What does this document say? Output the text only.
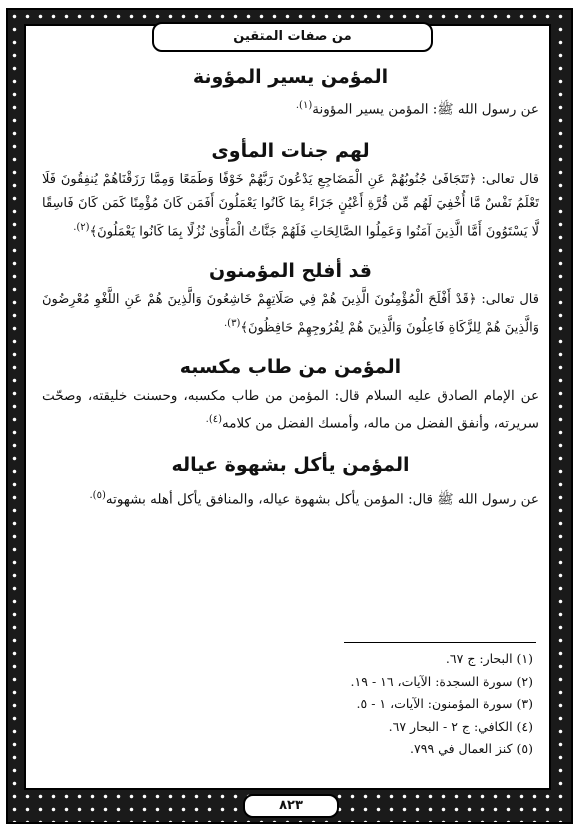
من صفات المتقين
المؤمن يسير المؤونة

عن رسول الله ﷺ: المؤمن يسير المؤونة$^{(١).}$

لهم جنات المأوى

قال تعالى: ﴿تَتَجَافَىٰ جُنُوبُهُمْ عَنِ الْمَضَاجِعِ يَدْعُونَ رَبَّهُمْ خَوْفًا وَطَمَعًا وَمِمَّا رَزَقْنَاهُمْ يُنفِقُونَ فَلَا تَعْلَمُ نَفْسٌ مَّا أُخْفِيَ لَهُم مِّن قُرَّةِ أَعْيُنٍ جَزَاءً بِمَا كَانُوا يَعْمَلُونَ أَفَمَن كَانَ مُؤْمِنًا كَمَن كَانَ فَاسِقًا لَّا يَسْتَوُونَ أَمَّا الَّذِينَ آمَنُوا وَعَمِلُوا الصَّالِحَاتِ فَلَهُمْ جَنَّاتُ الْمَأْوَىٰ نُزُلًا بِمَا كَانُوا يَعْمَلُونَ﴾$^{(٢).}$

قد أفلح المؤمنون

قال تعالى: ﴿قَدْ أَفْلَحَ الْمُؤْمِنُونَ الَّذِينَ هُمْ فِي صَلَاتِهِمْ خَاشِعُونَ وَالَّذِينَ هُمْ عَنِ اللَّغْوِ مُعْرِضُونَ وَالَّذِينَ هُمْ لِلزَّكَاةِ فَاعِلُونَ وَالَّذِينَ هُمْ لِفُرُوجِهِمْ حَافِظُونَ﴾$^{(٣).}$

المؤمن من طاب مكسبه

عن الإمام الصادق عليه السلام قال: المؤمن من طاب مكسبه، وحسنت خليقته، وصحّت سريرته، وأنفق الفضل من ماله، وأمسك الفضل من كلامه$^{(٤).}$

المؤمن يأكل بشهوة عياله

عن رسول الله ﷺ قال: المؤمن يأكل بشهوة عياله، والمنافق يأكل أهله بشهوته$^{(٥).}$

(١) البحار: ج ٦٧.
(٢) سورة السجدة: الآيات، ١٦ - ١٩.
(٣) سورة المؤمنون: الآيات، ١ - ٥.
(٤) الكافي: ج ٢ - البحار ٦٧.
(٥) كنز العمال في ٧٩٩.
٨٢٣
